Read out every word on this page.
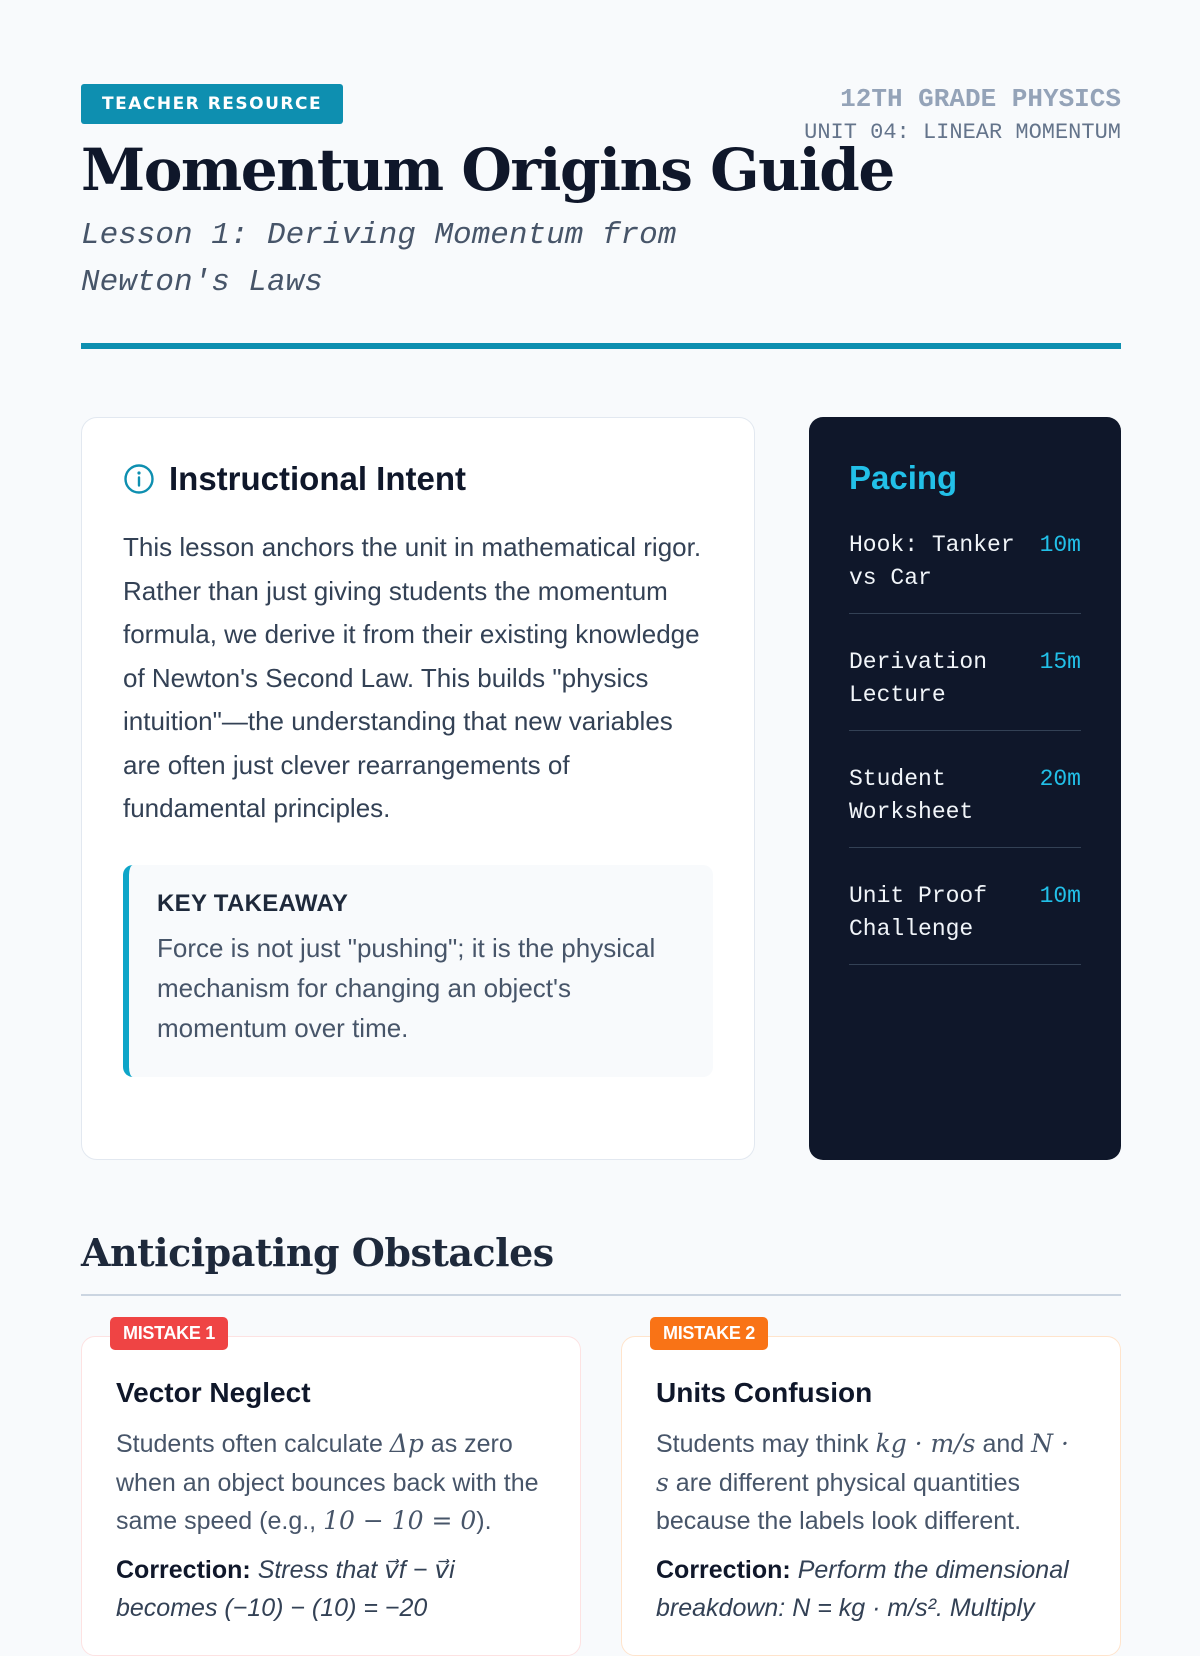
TEACHER RESOURCE
Momentum Origins Guide
Lesson 1: Deriving Momentum from Newton's Laws
12TH GRADE PHYSICS
UNIT 04: LINEAR MOMENTUM
Instructional Intent

This lesson anchors the unit in mathematical rigor. Rather than just giving students the momentum formula, we derive it from their existing knowledge of Newton's Second Law. This builds "physics intuition"—the understanding that new variables are often just clever rearrangements of fundamental principles.

KEY TAKEAWAY
Force is not just "pushing"; it is the physical mechanism for changing an object's momentum over time.
Pacing
Hook: Tanker vs Car
10m
Derivation Lecture
15m
Student Worksheet
20m
Unit Proof Challenge
10m
Anticipating Obstacles
MISTAKE 1
Vector Neglect

Students often calculate Δp as zero when an object bounces back with the same speed (e.g., 10 − 10 = 0).

Correction: Stress that v⃗f − v⃗i becomes (−10) − (10) = −20

MISTAKE 2
Units Confusion

Students may think kg · m/s and N · s are different physical quantities because the labels look different.

Correction: Perform the dimensional breakdown: N = kg · m/s². Multiply
